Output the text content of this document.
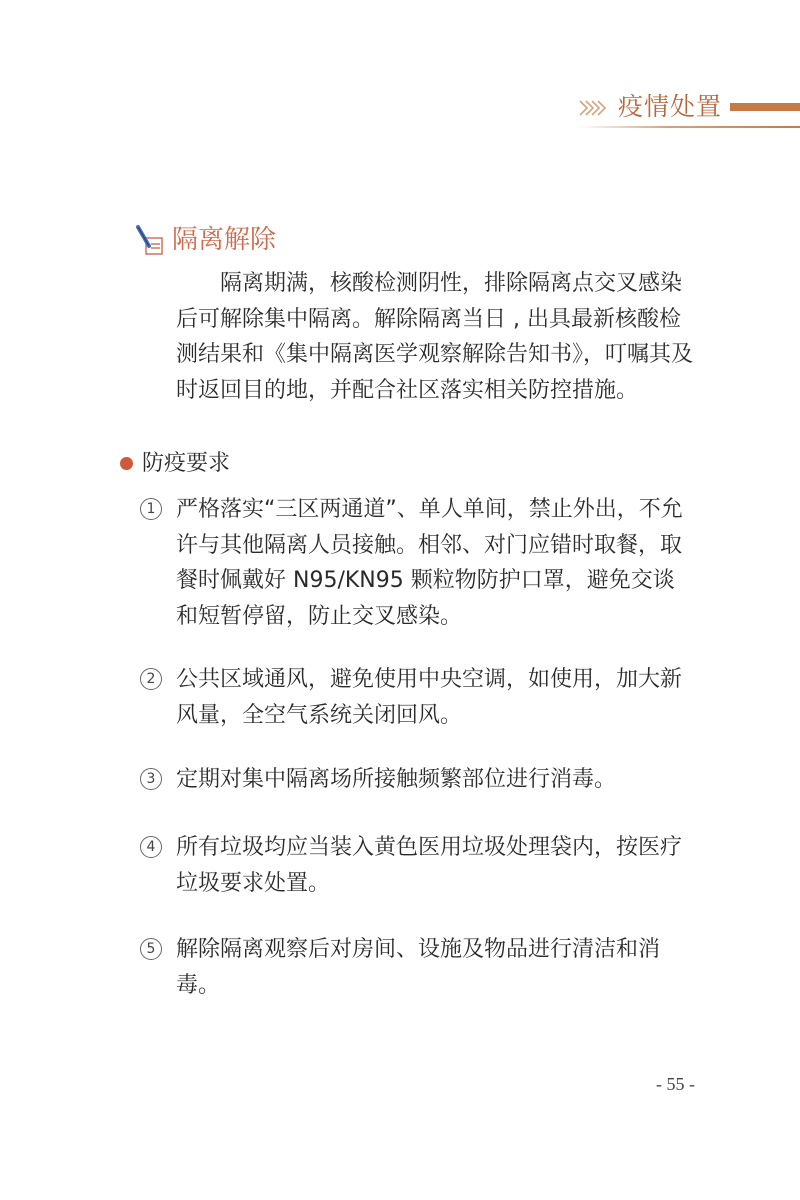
疫情处置
隔离解除

隔离期满，核酸检测阴性，排除隔离点交叉感染后可解除集中隔离。解除隔离当日 , 出具最新核酸检测结果和《集中隔离医学观察解除告知书》，叮嘱其及时返回目的地，并配合社区落实相关防控措施。

防疫要求
1 严格落实“三区两通道”、单人单间，禁止外出，不允许与其他隔离人员接触。相邻、对门应错时取餐，取餐时佩戴好 N95/KN95 颗粒物防护口罩，避免交谈和短暂停留，防止交叉感染。

2 公共区域通风，避免使用中央空调，如使用，加大新风量，全空气系统关闭回风。

3 定期对集中隔离场所接触频繁部位进行消毒。

4 所有垃圾均应当装入黄色医用垃圾处理袋内，按医疗垃圾要求处置。

5 解除隔离观察后对房间、设施及物品进行清洁和消毒。

- 55 -
